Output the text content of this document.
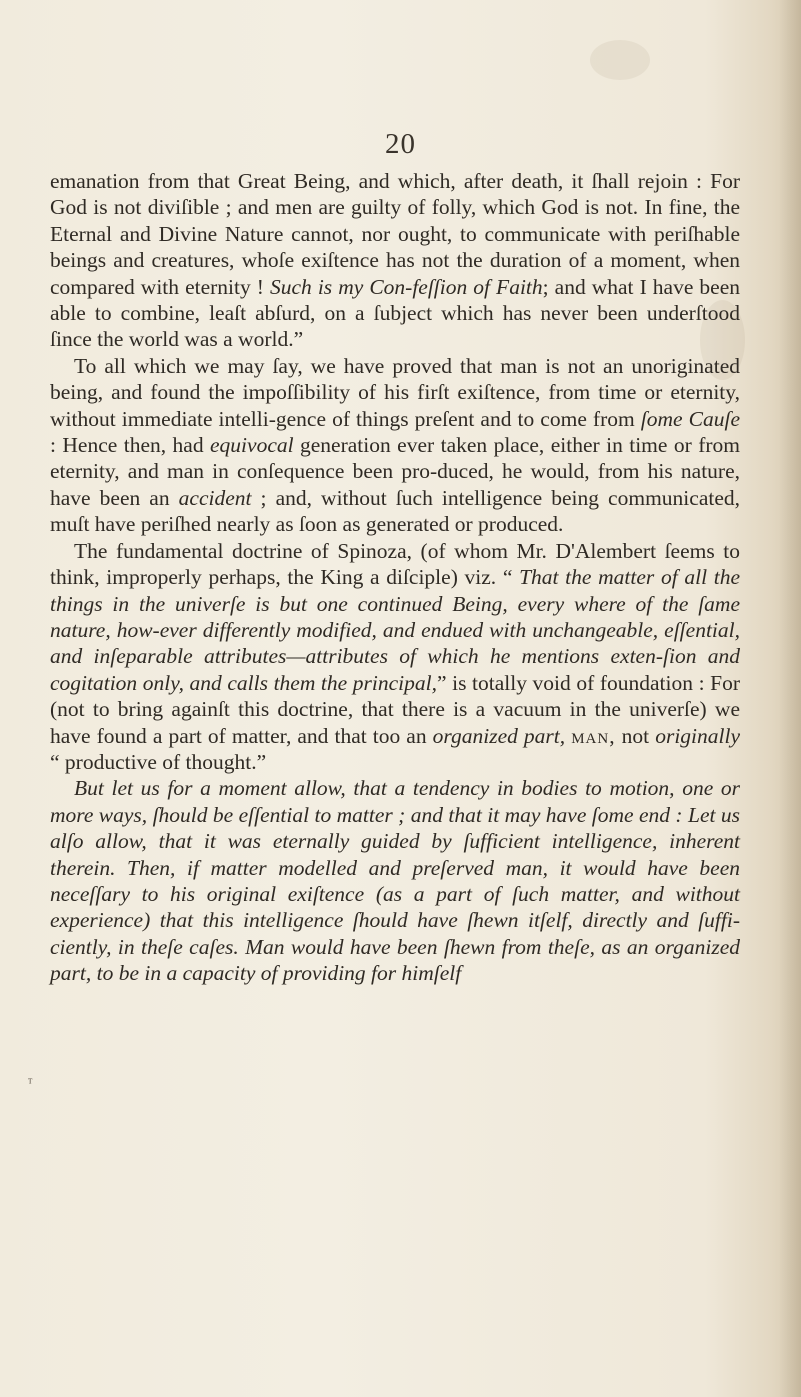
20
ᵀ

emanation from that Great Being, and which, after death, it ſhall rejoin : For God is not diviſible ; and men are guilty of folly, which God is not. In fine, the Eternal and Divine Nature cannot, nor ought, to communicate with periſhable beings and creatures, whoſe exiſtence has not the duration of a moment, when compared with eternity ! Such is my Con-feſſion of Faith; and what I have been able to combine, leaſt abſurd, on a ſubject which has never been underſtood ſince the world was a world.”

To all which we may ſay, we have proved that man is not an unoriginated being, and found the impoſſibility of his firſt exiſtence, from time or eternity, without immediate intelli-gence of things preſent and to come from ſome Cauſe : Hence then, had equivocal generation ever taken place, either in time or from eternity, and man in conſequence been pro-duced, he would, from his nature, have been an accident ; and, without ſuch intelligence being communicated, muſt have periſhed nearly as ſoon as generated or produced.

The fundamental doctrine of Spinoza, (of whom Mr. D'Alembert ſeems to think, improperly perhaps, the King a diſciple) viz. “ That the matter of all the things in the univerſe is but one continued Being, every where of the ſame nature, how-ever differently modified, and endued with unchangeable, eſſential, and inſeparable attributes—attributes of which he mentions exten-ſion and cogitation only, and calls them the principal,” is totally void of foundation : For (not to bring againſt this doctrine, that there is a vacuum in the univerſe) we have found a part of matter, and that too an organized part, man, not originally “ productive of thought.”

But let us for a moment allow, that a tendency in bodies to motion, one or more ways, ſhould be eſſential to matter ; and that it may have ſome end : Let us alſo allow, that it was eternally guided by ſufficient intelligence, inherent therein. Then, if matter modelled and preſerved man, it would have been neceſſary to his original exiſtence (as a part of ſuch matter, and without experience) that this intelligence ſhould have ſhewn itſelf, directly and ſuffi-ciently, in theſe caſes. Man would have been ſhewn from theſe, as an organized part, to be in a capacity of providing for himſelf
